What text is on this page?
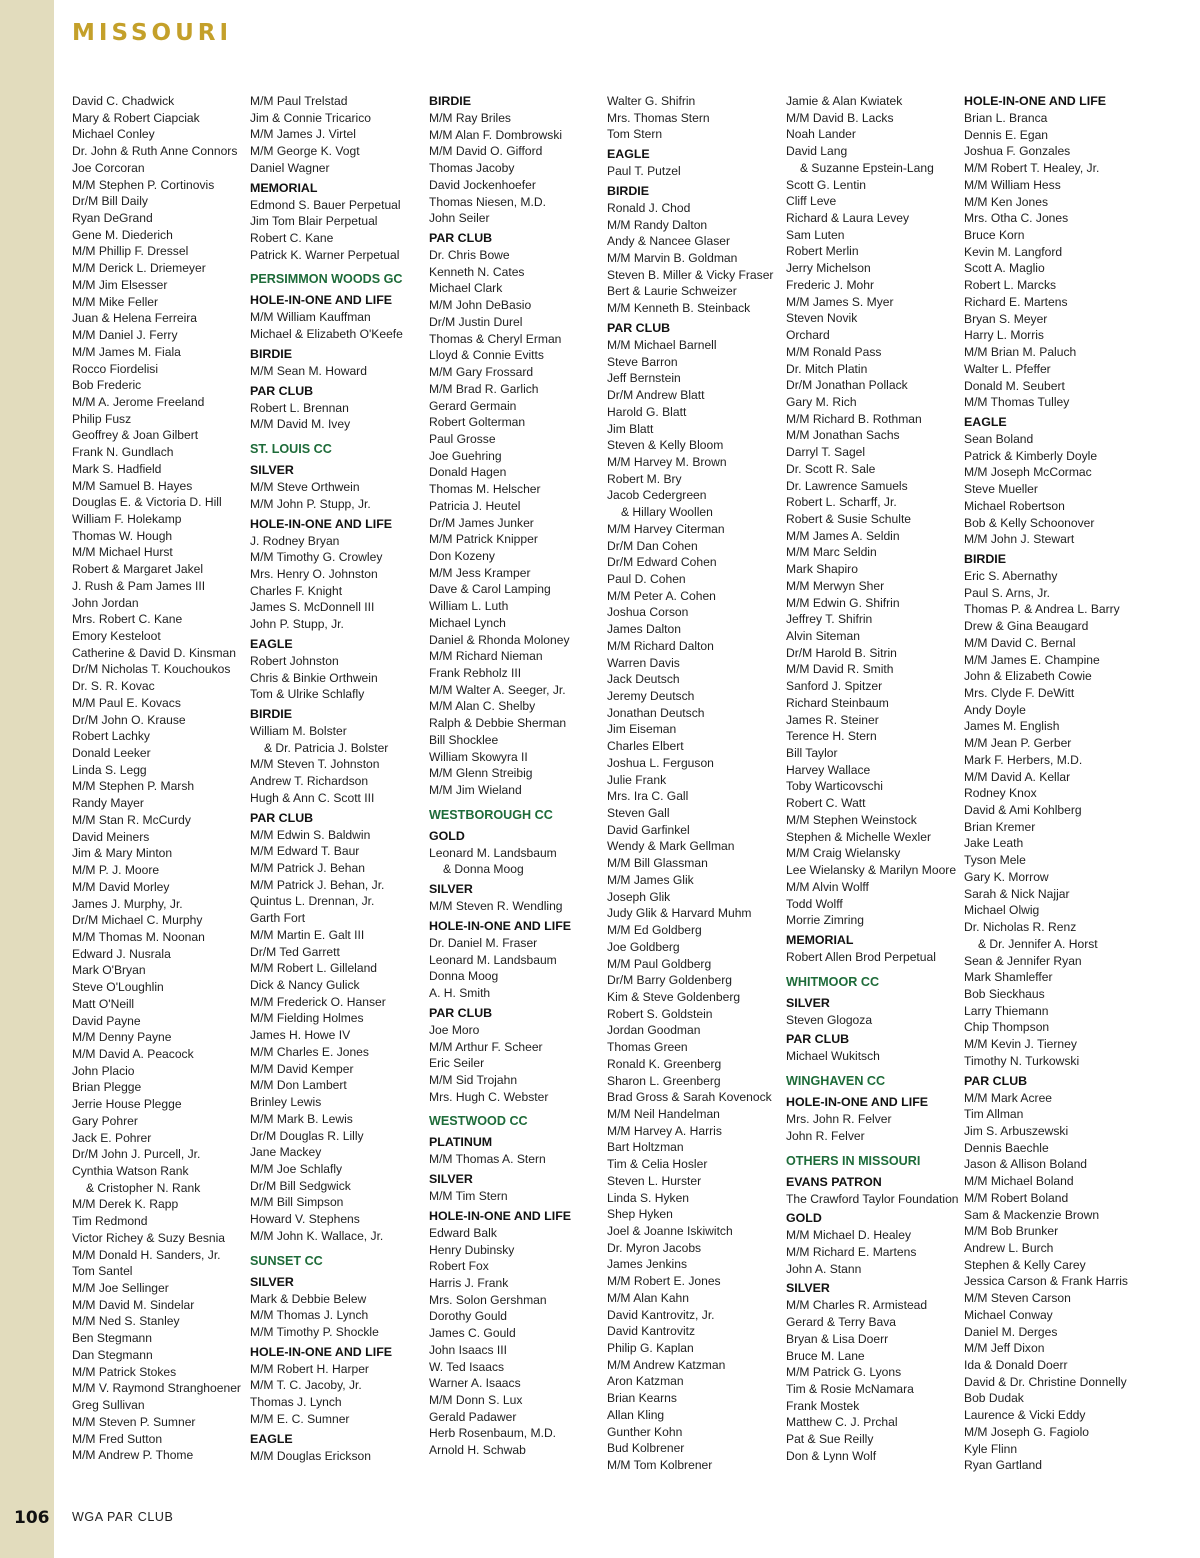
MISSOURI
David C. Chadwick
Mary & Robert Ciapciak
Michael Conley
Dr. John & Ruth Anne Connors
Joe Corcoran
M/M Stephen P. Cortinovis
Dr/M Bill Daily
Ryan DeGrand
Gene M. Diederich
M/M Phillip F. Dressel
M/M Derick L. Driemeyer
M/M Jim Elsesser
M/M Mike Feller
Juan & Helena Ferreira
M/M Daniel J. Ferry
M/M James M. Fiala
Rocco Fiordelisi
Bob Frederic
M/M A. Jerome Freeland
Philip Fusz
Geoffrey & Joan Gilbert
Frank N. Gundlach
Mark S. Hadfield
M/M Samuel B. Hayes
Douglas E. & Victoria D. Hill
William F. Holekamp
Thomas W. Hough
M/M Michael Hurst
Robert & Margaret Jakel
J. Rush & Pam James III
John Jordan
Mrs. Robert C. Kane
Emory Kesteloot
Catherine & David D. Kinsman
Dr/M Nicholas T. Kouchoukos
Dr. S. R. Kovac
M/M Paul E. Kovacs
Dr/M John O. Krause
Robert Lachky
Donald Leeker
Linda S. Legg
M/M Stephen P. Marsh
Randy Mayer
M/M Stan R. McCurdy
David Meiners
Jim & Mary Minton
M/M P. J. Moore
M/M David Morley
James J. Murphy, Jr.
Dr/M Michael C. Murphy
M/M Thomas M. Noonan
Edward J. Nusrala
Mark O'Bryan
Steve O'Loughlin
Matt O'Neill
David Payne
M/M Denny Payne
M/M David A. Peacock
John Placio
Brian Plegge
Jerrie House Plegge
Gary Pohrer
Jack E. Pohrer
Dr/M John J. Purcell, Jr.
Cynthia Watson Rank
& Cristopher N. Rank
M/M Derek K. Rapp
Tim Redmond
Victor Richey & Suzy Besnia
M/M Donald H. Sanders, Jr.
Tom Santel
M/M Joe Sellinger
M/M David M. Sindelar
M/M Ned S. Stanley
Ben Stegmann
Dan Stegmann
M/M Patrick Stokes
M/M V. Raymond Stranghoener
Greg Sullivan
M/M Steven P. Sumner
M/M Fred Sutton
M/M Andrew P. Thome
M/M Paul Trelstad
Jim & Connie Tricarico
M/M James J. Virtel
M/M George K. Vogt
Daniel Wagner
MEMORIAL
Edmond S. Bauer Perpetual
Jim Tom Blair Perpetual
Robert C. Kane
Patrick K. Warner Perpetual
PERSIMMON WOODS GC
HOLE-IN-ONE AND LIFE
M/M William Kauffman
Michael & Elizabeth O'Keefe
BIRDIE
M/M Sean M. Howard
PAR CLUB
Robert L. Brennan
M/M David M. Ivey
ST. LOUIS CC
SILVER
M/M Steve Orthwein
M/M John P. Stupp, Jr.
HOLE-IN-ONE AND LIFE
J. Rodney Bryan
M/M Timothy G. Crowley
Mrs. Henry O. Johnston
Charles F. Knight
James S. McDonnell III
John P. Stupp, Jr.
EAGLE
Robert Johnston
Chris & Binkie Orthwein
Tom & Ulrike Schlafly
BIRDIE
William M. Bolster
& Dr. Patricia J. Bolster
M/M Steven T. Johnston
Andrew T. Richardson
Hugh & Ann C. Scott III
PAR CLUB
M/M Edwin S. Baldwin
M/M Edward T. Baur
M/M Patrick J. Behan
M/M Patrick J. Behan, Jr.
Quintus L. Drennan, Jr.
Garth Fort
M/M Martin E. Galt III
Dr/M Ted Garrett
M/M Robert L. Gilleland
Dick & Nancy Gulick
M/M Frederick O. Hanser
M/M Fielding Holmes
James H. Howe IV
M/M Charles E. Jones
M/M David Kemper
M/M Don Lambert
Brinley Lewis
M/M Mark B. Lewis
Dr/M Douglas R. Lilly
Jane Mackey
M/M Joe Schlafly
Dr/M Bill Sedgwick
M/M Bill Simpson
Howard V. Stephens
M/M John K. Wallace, Jr.
SUNSET CC
SILVER
Mark & Debbie Belew
M/M Thomas J. Lynch
M/M Timothy P. Shockle
HOLE-IN-ONE AND LIFE
M/M Robert H. Harper
M/M T. C. Jacoby, Jr.
Thomas J. Lynch
M/M E. C. Sumner
EAGLE
M/M Douglas Erickson
BIRDIE
M/M Ray Briles
M/M Alan F. Dombrowski
M/M David O. Gifford
Thomas Jacoby
David Jockenhoefer
Thomas Niesen, M.D.
John Seiler
PAR CLUB
Dr. Chris Bowe
Kenneth N. Cates
Michael Clark
M/M John DeBasio
Dr/M Justin Durel
Thomas & Cheryl Erman
Lloyd & Connie Evitts
M/M Gary Frossard
M/M Brad R. Garlich
Gerard Germain
Robert Golterman
Paul Grosse
Joe Guehring
Donald Hagen
Thomas M. Helscher
Patricia J. Heutel
Dr/M James Junker
M/M Patrick Knipper
Don Kozeny
M/M Jess Kramper
Dave & Carol Lamping
William L. Luth
Michael Lynch
Daniel & Rhonda Moloney
M/M Richard Nieman
Frank Rebholz III
M/M Walter A. Seeger, Jr.
M/M Alan C. Shelby
Ralph & Debbie Sherman
Bill Shocklee
William Skowyra II
M/M Glenn Streibig
M/M Jim Wieland
WESTBOROUGH CC
GOLD
Leonard M. Landsbaum
& Donna Moog
SILVER
M/M Steven R. Wendling
HOLE-IN-ONE AND LIFE
Dr. Daniel M. Fraser
Leonard M. Landsbaum
Donna Moog
A. H. Smith
PAR CLUB
Joe Moro
M/M Arthur F. Scheer
Eric Seiler
M/M Sid Trojahn
Mrs. Hugh C. Webster
WESTWOOD CC
PLATINUM
M/M Thomas A. Stern
SILVER
M/M Tim Stern
HOLE-IN-ONE AND LIFE
Edward Balk
Henry Dubinsky
Robert Fox
Harris J. Frank
Mrs. Solon Gershman
Dorothy Gould
James C. Gould
John Isaacs III
W. Ted Isaacs
Warner A. Isaacs
M/M Donn S. Lux
Gerald Padawer
Herb Rosenbaum, M.D.
Arnold H. Schwab
Walter G. Shifrin
Mrs. Thomas Stern
Tom Stern
EAGLE
Paul T. Putzel
BIRDIE
Ronald J. Chod
M/M Randy Dalton
Andy & Nancee Glaser
M/M Marvin B. Goldman
Steven B. Miller & Vicky Fraser
Bert & Laurie Schweizer
M/M Kenneth B. Steinback
PAR CLUB
M/M Michael Barnell
Steve Barron
Jeff Bernstein
Dr/M Andrew Blatt
Harold G. Blatt
Jim Blatt
Steven & Kelly Bloom
M/M Harvey M. Brown
Robert M. Bry
Jacob Cedergreen
& Hillary Woollen
M/M Harvey Citerman
Dr/M Dan Cohen
Dr/M Edward Cohen
Paul D. Cohen
M/M Peter A. Cohen
Joshua Corson
James Dalton
M/M Richard Dalton
Warren Davis
Jack Deutsch
Jeremy Deutsch
Jonathan Deutsch
Jim Eiseman
Charles Elbert
Joshua L. Ferguson
Julie Frank
Mrs. Ira C. Gall
Steven Gall
David Garfinkel
Wendy & Mark Gellman
M/M Bill Glassman
M/M James Glik
Joseph Glik
Judy Glik & Harvard Muhm
M/M Ed Goldberg
Joe Goldberg
M/M Paul Goldberg
Dr/M Barry Goldenberg
Kim & Steve Goldenberg
Robert S. Goldstein
Jordan Goodman
Thomas Green
Ronald K. Greenberg
Sharon L. Greenberg
Brad Gross & Sarah Kovenock
M/M Neil Handelman
M/M Harvey A. Harris
Bart Holtzman
Tim & Celia Hosler
Steven L. Hurster
Linda S. Hyken
Shep Hyken
Joel & Joanne Iskiwitch
Dr. Myron Jacobs
James Jenkins
M/M Robert E. Jones
M/M Alan Kahn
David Kantrovitz, Jr.
David Kantrovitz
Philip G. Kaplan
M/M Andrew Katzman
Aron Katzman
Brian Kearns
Allan Kling
Gunther Kohn
Bud Kolbrener
M/M Tom Kolbrener
Jamie & Alan Kwiatek
M/M David B. Lacks
Noah Lander
David Lang
& Suzanne Epstein-Lang
Scott G. Lentin
Cliff Leve
Richard & Laura Levey
Sam Luten
Robert Merlin
Jerry Michelson
Frederic J. Mohr
M/M James S. Myer
Steven Novik
Orchard
M/M Ronald Pass
Dr. Mitch Platin
Dr/M Jonathan Pollack
Gary M. Rich
M/M Richard B. Rothman
M/M Jonathan Sachs
Darryl T. Sagel
Dr. Scott R. Sale
Dr. Lawrence Samuels
Robert L. Scharff, Jr.
Robert & Susie Schulte
M/M James A. Seldin
M/M Marc Seldin
Mark Shapiro
M/M Merwyn Sher
M/M Edwin G. Shifrin
Jeffrey T. Shifrin
Alvin Siteman
Dr/M Harold B. Sitrin
M/M David R. Smith
Sanford J. Spitzer
Richard Steinbaum
James R. Steiner
Terence H. Stern
Bill Taylor
Harvey Wallace
Toby Warticovschi
Robert C. Watt
M/M Stephen Weinstock
Stephen & Michelle Wexler
M/M Craig Wielansky
Lee Wielansky & Marilyn Moore
M/M Alvin Wolff
Todd Wolff
Morrie Zimring
MEMORIAL
Robert Allen Brod Perpetual
WHITMOOR CC
SILVER
Steven Glogoza
PAR CLUB
Michael Wukitsch
WINGHAVEN CC
HOLE-IN-ONE AND LIFE
Mrs. John R. Felver
John R. Felver
OTHERS IN MISSOURI
EVANS PATRON
The Crawford Taylor Foundation
GOLD
M/M Michael D. Healey
M/M Richard E. Martens
John A. Stann
SILVER
M/M Charles R. Armistead
Gerard & Terry Bava
Bryan & Lisa Doerr
Bruce M. Lane
M/M Patrick G. Lyons
Tim & Rosie McNamara
Frank Mostek
Matthew C. J. Prchal
Pat & Sue Reilly
Don & Lynn Wolf
HOLE-IN-ONE AND LIFE
Brian L. Branca
Dennis E. Egan
Joshua F. Gonzales
M/M Robert T. Healey, Jr.
M/M William Hess
M/M Ken Jones
Mrs. Otha C. Jones
Bruce Korn
Kevin M. Langford
Scott A. Maglio
Robert L. Marcks
Richard E. Martens
Bryan S. Meyer
Harry L. Morris
M/M Brian M. Paluch
Walter L. Pfeffer
Donald M. Seubert
M/M Thomas Tulley
EAGLE
Sean Boland
Patrick & Kimberly Doyle
M/M Joseph McCormac
Steve Mueller
Michael Robertson
Bob & Kelly Schoonover
M/M John J. Stewart
BIRDIE
Eric S. Abernathy
Paul S. Arns, Jr.
Thomas P. & Andrea L. Barry
Drew & Gina Beaugard
M/M David C. Bernal
M/M James E. Champine
John & Elizabeth Cowie
Mrs. Clyde F. DeWitt
Andy Doyle
James M. English
M/M Jean P. Gerber
Mark F. Herbers, M.D.
M/M David A. Kellar
Rodney Knox
David & Ami Kohlberg
Brian Kremer
Jake Leath
Tyson Mele
Gary K. Morrow
Sarah & Nick Najjar
Michael Olwig
Dr. Nicholas R. Renz
& Dr. Jennifer A. Horst
Sean & Jennifer Ryan
Mark Shamleffer
Bob Sieckhaus
Larry Thiemann
Chip Thompson
M/M Kevin J. Tierney
Timothy N. Turkowski
PAR CLUB
M/M Mark Acree
Tim Allman
Jim S. Arbuszewski
Dennis Baechle
Jason & Allison Boland
M/M Michael Boland
M/M Robert Boland
Sam & Mackenzie Brown
M/M Bob Brunker
Andrew L. Burch
Stephen & Kelly Carey
Jessica Carson & Frank Harris
M/M Steven Carson
Michael Conway
Daniel M. Derges
M/M Jeff Dixon
Ida & Donald Doerr
David & Dr. Christine Donnelly
Bob Dudak
Laurence & Vicki Eddy
M/M Joseph G. Fagiolo
Kyle Flinn
Ryan Gartland
106 WGA PAR CLUB
